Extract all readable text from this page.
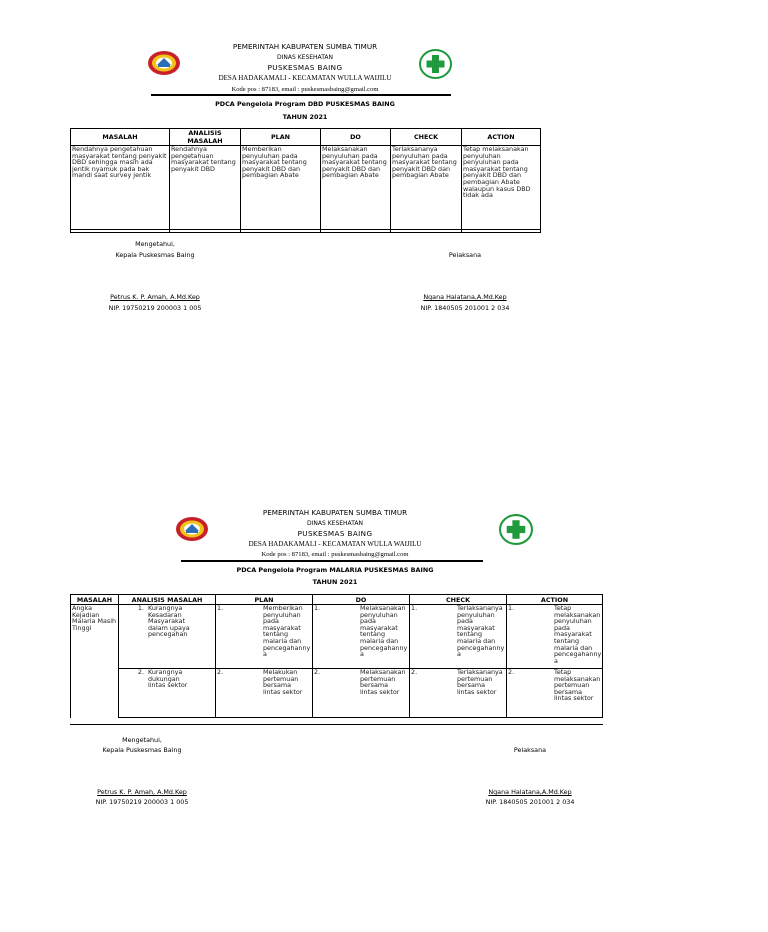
PEMERINTAH KABUPATEN SUMBA TIMUR
DINAS KESEHATAN
PUSKESMAS BAING
DESA HADAKAMALI - KECAMATAN WULLA WAIJILU
Kode pos : 87183, email : puskesmasbaing@gmail.com
PDCA Pengelola Program DBD PUSKESMAS BAING
TAHUN 2021
MASALAH	ANALISIS MASALAH	PLAN	DO	CHECK	ACTION
Rendahnya pengetahuan masyarakat tentang penyakit DBD sehingga masih ada jentik nyamuk pada bak mandi saat survey jentik	Rendahnya pengetahuan masyarakat tentang penyakit DBD	Memberikan penyuluhan pada masyarakat tentang penyakit DBD dan pembagian Abate	Melaksanakan penyuluhan pada masyarakat tentang penyakit DBD dan pembagian Abate	Terlaksananya penyuluhan pada masyarakat tentang penyakit DBD dan pembagian Abate	Tetap melaksanakan penyuluhan penyuluhan pada masyarakat tentang penyakit DBD dan pembagian Abate walaupun kasus DBD tidak ada
Mengetahui,
Kepala Puskesmas Baing	Pelaksana
Petrus K. P. Amah, A.Md.Kep
NIP. 19750219 200003 1 005
Ngana Halatana,A.Md.Kep
NIP. 1840505 201001 2 034
PEMERINTAH KABUPATEN SUMBA TIMUR
DINAS KESEHATAN
PUSKESMAS BAING
DESA HADAKAMALI - KECAMATAN WULLA WAIJILU
Kode pos : 87183, email : puskesmasbaing@gmail.com
PDCA Pengelola Program MALARIA PUSKESMAS BAING
TAHUN 2021
MASALAH	ANALISIS MASALAH	PLAN	DO	CHECK	ACTION
Angka Kejadian Malaria Masih Tinggi	1. Kurangnya Kesadaran Masyarakat dalam upaya pencegahan	1. Memberikan penyuluhan pada masyarakat tentang malaria dan pencegahanny a	1. Melaksanakan penyuluhan pada masyarakat tentang malaria dan pencegahanny a	1. Terlaksananya penyuluhan pada masyarakat tentang malaria dan pencegahanny a	1. Tetap melaksanakan penyuluhan pada masyarakat tentang malaria dan pencegahanny a

	2. Kurangnya dukungan lintas sektor	2. Melakukan pertemuan bersama lintas sektor	2. Melaksanakan pertemuan bersama lintas sektor	2. Terlaksananya pertemuan bersama lintas sektor	2. Tetap melaksanakan pertemuan bersama lintas sektor
Mengetahui,
Kepala Puskesmas Baing	Pelaksana
Petrus K. P. Amah, A.Md.Kep
NIP. 19750219 200003 1 005
Ngana Halatana,A.Md.Kep
NIP. 1840505 201001 2 034
